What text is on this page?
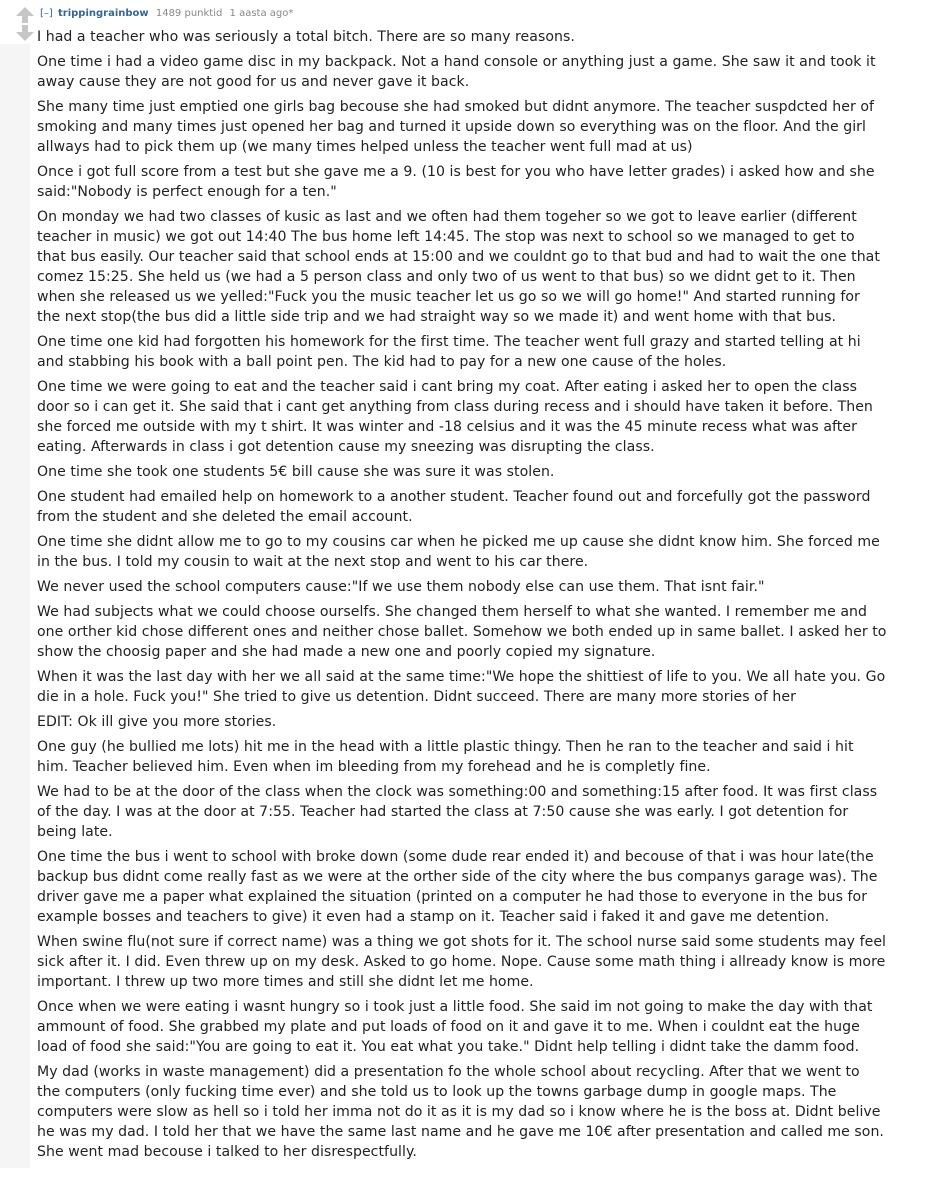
[–] trippingrainbow 1489 punktid 1 aasta ago*

I had a teacher who was seriously a total bitch. There are so many reasons.

One time i had a video game disc in my backpack. Not a hand console or anything just a game. She saw it and took it away cause they are not good for us and never gave it back.

She many time just emptied one girls bag becouse she had smoked but didnt anymore. The teacher suspdcted her of smoking and many times just opened her bag and turned it upside down so everything was on the floor. And the girl allways had to pick them up (we many times helped unless the teacher went full mad at us)

Once i got full score from a test but she gave me a 9. (10 is best for you who have letter grades) i asked how and she said:"Nobody is perfect enough for a ten."

On monday we had two classes of kusic as last and we often had them togeher so we got to leave earlier (different teacher in music) we got out 14:40 The bus home left 14:45. The stop was next to school so we managed to get to that bus easily. Our teacher said that school ends at 15:00 and we couldnt go to that bud and had to wait the one that comez 15:25. She held us (we had a 5 person class and only two of us went to that bus) so we didnt get to it. Then when she released us we yelled:"Fuck you the music teacher let us go so we will go home!" And started running for the next stop(the bus did a little side trip and we had straight way so we made it) and went home with that bus.

One time one kid had forgotten his homework for the first time. The teacher went full grazy and started telling at hi and stabbing his book with a ball point pen. The kid had to pay for a new one cause of the holes.

One time we were going to eat and the teacher said i cant bring my coat. After eating i asked her to open the class door so i can get it. She said that i cant get anything from class during recess and i should have taken it before. Then she forced me outside with my t shirt. It was winter and -18 celsius and it was the 45 minute recess what was after eating. Afterwards in class i got detention cause my sneezing was disrupting the class.

One time she took one students 5€ bill cause she was sure it was stolen.

One student had emailed help on homework to a another student. Teacher found out and forcefully got the password from the student and she deleted the email account.

One time she didnt allow me to go to my cousins car when he picked me up cause she didnt know him. She forced me in the bus. I told my cousin to wait at the next stop and went to his car there.

We never used the school computers cause:"If we use them nobody else can use them. That isnt fair."

We had subjects what we could choose ourselfs. She changed them herself to what she wanted. I remember me and one orther kid chose different ones and neither chose ballet. Somehow we both ended up in same ballet. I asked her to show the choosig paper and she had made a new one and poorly copied my signature.

When it was the last day with her we all said at the same time:"We hope the shittiest of life to you. We all hate you. Go die in a hole. Fuck you!" She tried to give us detention. Didnt succeed. There are many more stories of her

EDIT: Ok ill give you more stories.

One guy (he bullied me lots) hit me in the head with a little plastic thingy. Then he ran to the teacher and said i hit him. Teacher believed him. Even when im bleeding from my forehead and he is completly fine.

We had to be at the door of the class when the clock was something:00 and something:15 after food. It was first class of the day. I was at the door at 7:55. Teacher had started the class at 7:50 cause she was early. I got detention for being late.

One time the bus i went to school with broke down (some dude rear ended it) and becouse of that i was hour late(the backup bus didnt come really fast as we were at the orther side of the city where the bus companys garage was). The driver gave me a paper what explained the situation (printed on a computer he had those to everyone in the bus for example bosses and teachers to give) it even had a stamp on it. Teacher said i faked it and gave me detention.

When swine flu(not sure if correct name) was a thing we got shots for it. The school nurse said some students may feel sick after it. I did. Even threw up on my desk. Asked to go home. Nope. Cause some math thing i allready know is more important. I threw up two more times and still she didnt let me home.

Once when we were eating i wasnt hungry so i took just a little food. She said im not going to make the day with that ammount of food. She grabbed my plate and put loads of food on it and gave it to me. When i couldnt eat the huge load of food she said:"You are going to eat it. You eat what you take." Didnt help telling i didnt take the damm food.

My dad (works in waste management) did a presentation fo the whole school about recycling. After that we went to the computers (only fucking time ever) and she told us to look up the towns garbage dump in google maps. The computers were slow as hell so i told her imma not do it as it is my dad so i know where he is the boss at. Didnt belive he was my dad. I told her that we have the same last name and he gave me 10€ after presentation and called me son. She went mad becouse i talked to her disrespectfully.
